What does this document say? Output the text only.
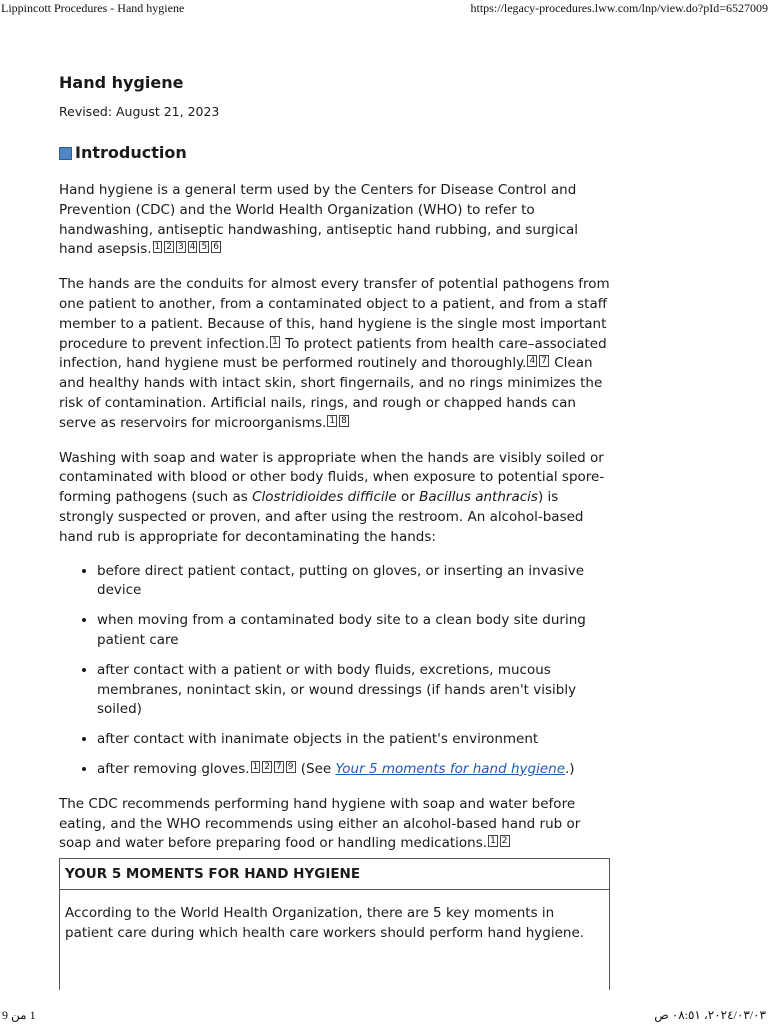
Lippincott Procedures - Hand hygiene	https://legacy-procedures.lww.com/lnp/view.do?pId=6527009
Hand hygiene
Revised: August 21, 2023
Introduction

Hand hygiene is a general term used by the Centers for Disease Control and Prevention (CDC) and the World Health Organization (WHO) to refer to handwashing, antiseptic handwashing, antiseptic hand rubbing, and surgical hand asepsis. 1 2 3 4 5 6

The hands are the conduits for almost every transfer of potential pathogens from one patient to another, from a contaminated object to a patient, and from a staff member to a patient. Because of this, hand hygiene is the single most important procedure to prevent infection. 1 To protect patients from health care–associated infection, hand hygiene must be performed routinely and thoroughly. 4 7 Clean and healthy hands with intact skin, short fingernails, and no rings minimizes the risk of contamination. Artificial nails, rings, and rough or chapped hands can serve as reservoirs for microorganisms. 1 8

Washing with soap and water is appropriate when the hands are visibly soiled or contaminated with blood or other body fluids, when exposure to potential spore-forming pathogens (such as Clostridioides difficile or Bacillus anthracis) is strongly suspected or proven, and after using the restroom. An alcohol-based hand rub is appropriate for decontaminating the hands:

• before direct patient contact, putting on gloves, or inserting an invasive device
• when moving from a contaminated body site to a clean body site during patient care
• after contact with a patient or with body fluids, excretions, mucous membranes, nonintact skin, or wound dressings (if hands aren't visibly soiled)
• after contact with inanimate objects in the patient's environment
• after removing gloves. 1 2 7 9 (See Your 5 moments for hand hygiene.)

The CDC recommends performing hand hygiene with soap and water before eating, and the WHO recommends using either an alcohol-based hand rub or soap and water before preparing food or handling medications. 1 2

YOUR 5 MOMENTS FOR HAND HYGIENE
According to the World Health Organization, there are 5 key moments in patient care during which health care workers should perform hand hygiene.
٢٠٢٤/٠٣/٠٣، ٠٨:٥١ ص
1 من 9
